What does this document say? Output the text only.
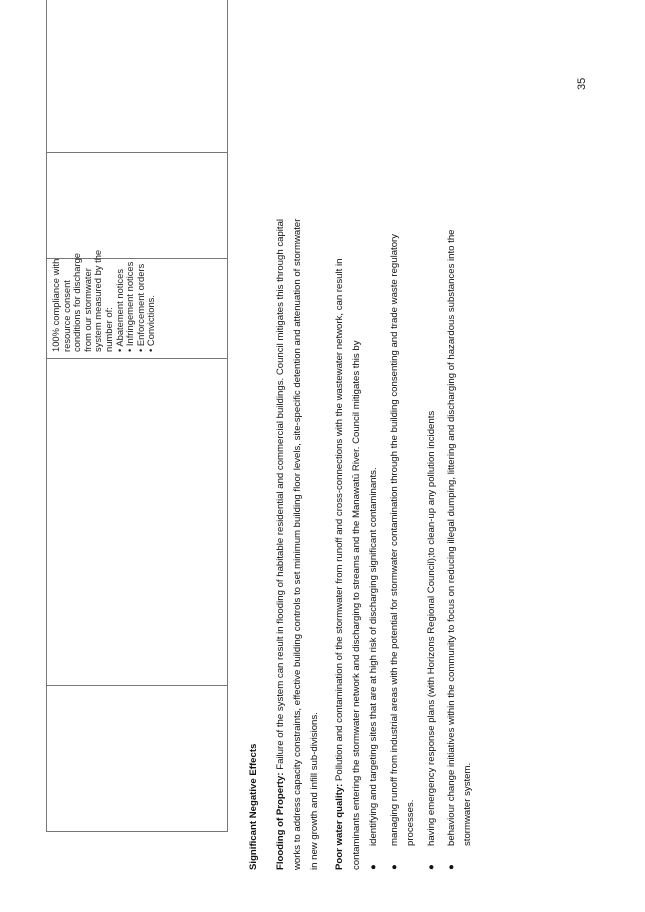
100% compliance with resource consent conditions for discharge from our stormwater system measured by the number of: • Abatement notices • Infringement notices • Enforcement orders • Convictions.

35
Significant Negative Effects Flooding of Property: Failure of the system can result in flooding of habitable residential and commercial buildings. Council mitigates this through capital works to address capacity constraints, effective building controls to set minimum building floor levels, site-specific detention and attenuation of stormwater in new growth and infill sub-divisions. Poor water quality: Pollution and contamination of the stormwater from runoff and cross-connections with the wastewater network, can result in contaminants entering the stormwater network and discharging to streams and the Manawatū River. Council mitigates this by ●
identifying and targeting sites that are at high risk of discharging significant contaminants.
●
managing runoff from industrial areas with the potential for stormwater contamination through the building consenting and trade waste regulatory processes.
●
having emergency response plans (with Horizons Regional Council);to clean-up any pollution incidents
●
behaviour change initiatives within the community to focus on reducing illegal dumping, littering and discharging of hazardous substances into the stormwater system.
